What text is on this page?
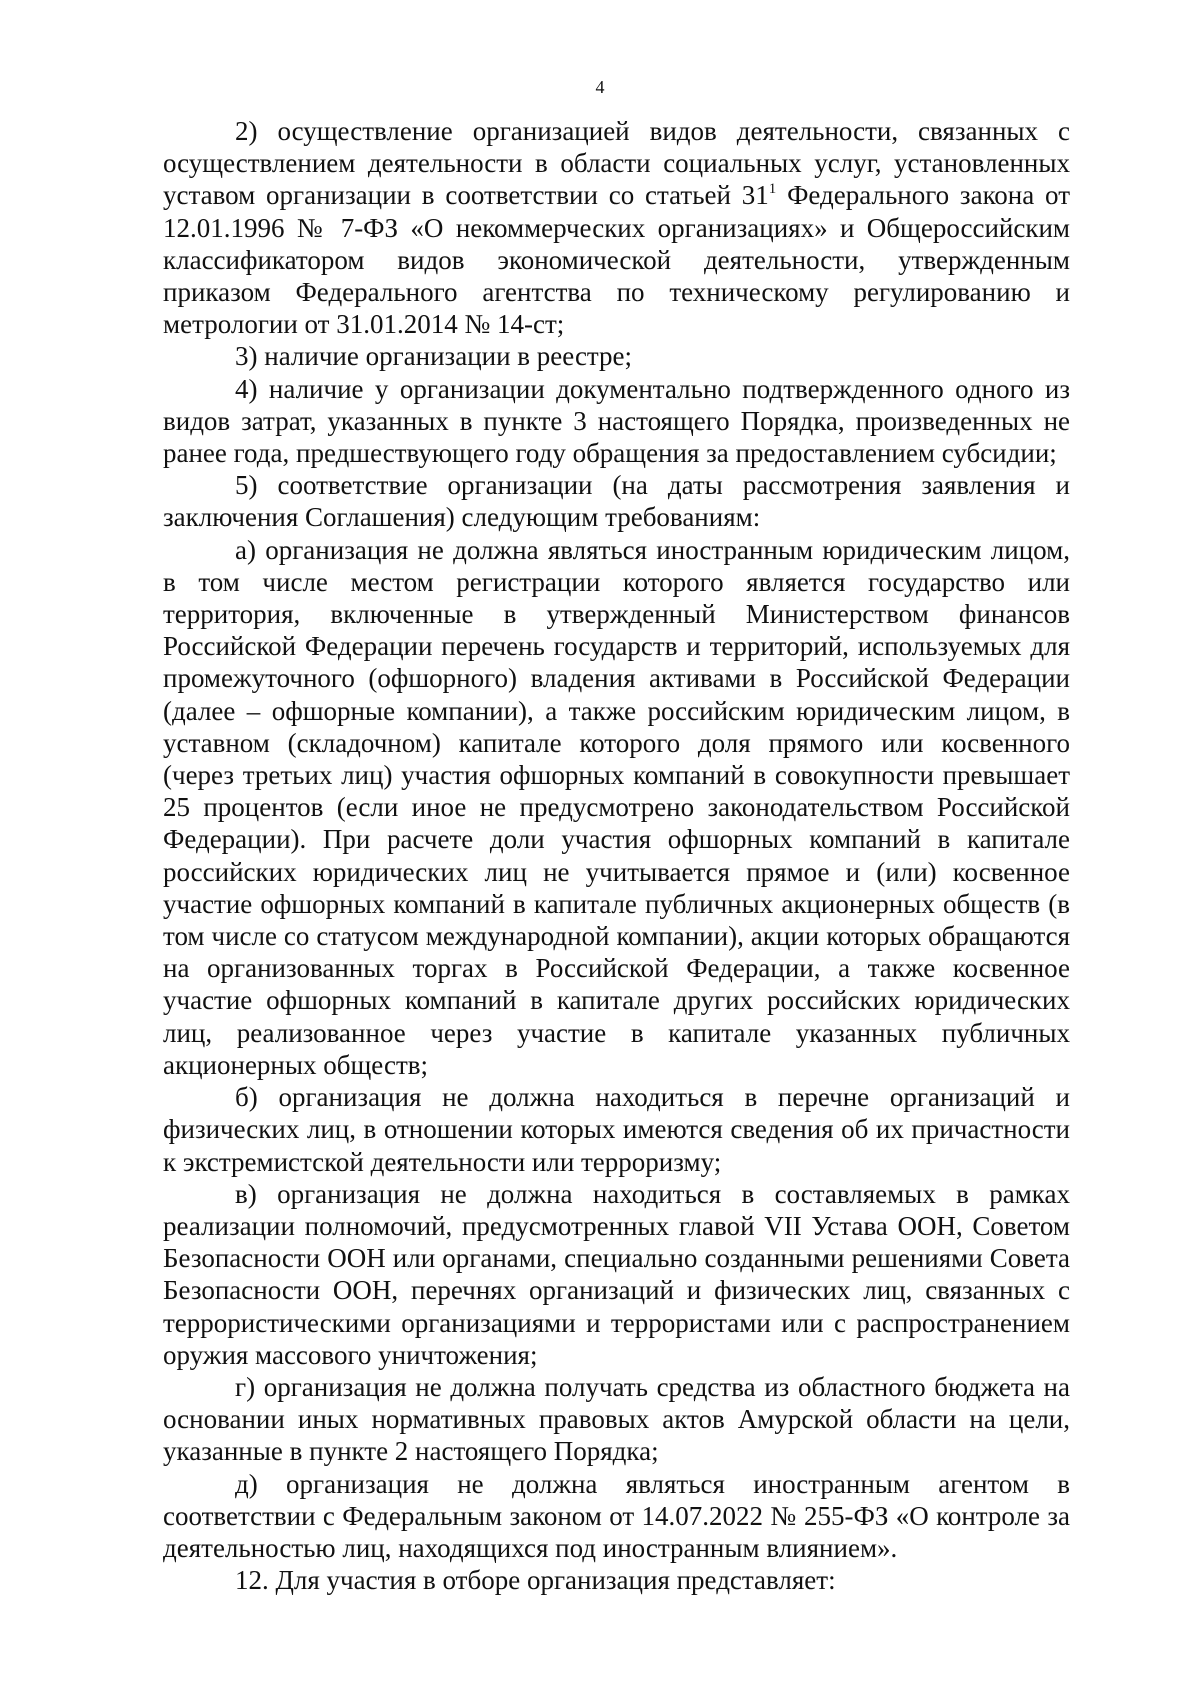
4

2) осуществление организацией видов деятельности, связанных с осуществлением деятельности в области социальных услуг, установленных уставом организации в соответствии со статьей $31^1$ Федерального закона от 12.01.1996 № 7-ФЗ «О некоммерческих организациях» и Общероссийским классификатором видов экономической деятельности, утвержденным приказом Федерального агентства по техническому регулированию и метрологии от 31.01.2014 № 14-ст;

3) наличие организации в реестре;

4) наличие у организации документально подтвержденного одного из видов затрат, указанных в пункте 3 настоящего Порядка, произведенных не ранее года, предшествующего году обращения за предоставлением субсидии;

5) соответствие организации (на даты рассмотрения заявления и заключения Соглашения) следующим требованиям:

а) организация не должна являться иностранным юридическим лицом, в том числе местом регистрации которого является государство или территория, включенные в утвержденный Министерством финансов Российской Федерации перечень государств и территорий, используемых для промежуточного (офшорного) владения активами в Российской Федерации (далее – офшорные компании), а также российским юридическим лицом, в уставном (складочном) капитале которого доля прямого или косвенного (через третьих лиц) участия офшорных компаний в совокупности превышает 25 процентов (если иное не предусмотрено законодательством Российской Федерации). При расчете доли участия офшорных компаний в капитале российских юридических лиц не учитывается прямое и (или) косвенное участие офшорных компаний в капитале публичных акционерных обществ (в том числе со статусом международной компании), акции которых обращаются на организованных торгах в Российской Федерации, а также косвенное участие офшорных компаний в капитале других российских юридических лиц, реализованное через участие в капитале указанных публичных акционерных обществ;

б) организация не должна находиться в перечне организаций и физических лиц, в отношении которых имеются сведения об их причастности к экстремистской деятельности или терроризму;

в) организация не должна находиться в составляемых в рамках реализации полномочий, предусмотренных главой VII Устава ООН, Советом Безопасности ООН или органами, специально созданными решениями Совета Безопасности ООН, перечнях организаций и физических лиц, связанных с террористическими организациями и террористами или с распространением оружия массового уничтожения;

г) организация не должна получать средства из областного бюджета на основании иных нормативных правовых актов Амурской области на цели, указанные в пункте 2 настоящего Порядка;

д) организация не должна являться иностранным агентом в соответствии с Федеральным законом от 14.07.2022 № 255-ФЗ «О контроле за деятельностью лиц, находящихся под иностранным влиянием».

12. Для участия в отборе организация представляет:
